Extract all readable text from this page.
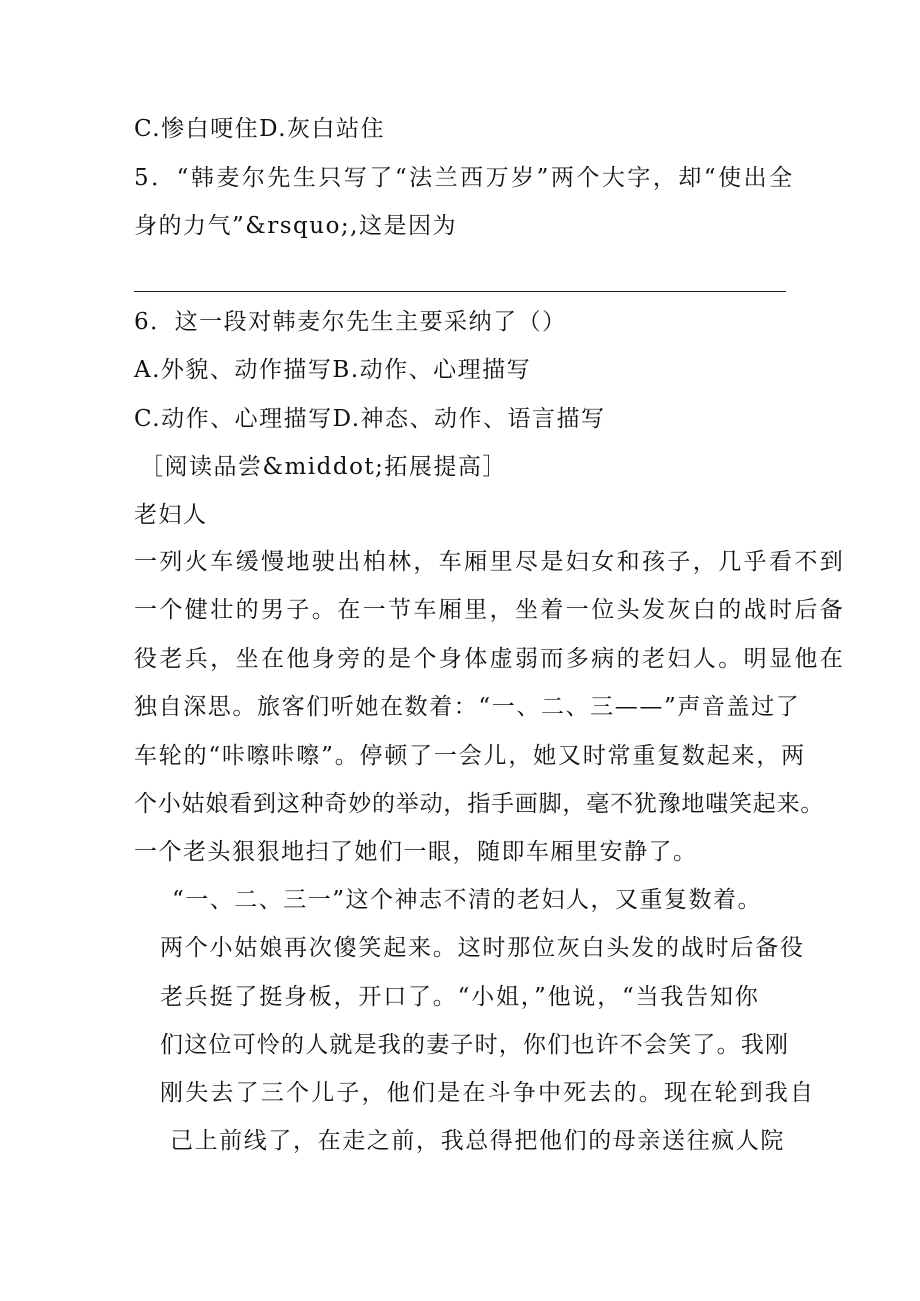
C.惨白哽住D.灰白站住
5．“韩麦尔先生只写了“法兰西万岁”两个大字，却“使出全
身的力气”&rsquo;,这是因为
6．这一段对韩麦尔先生主要采纳了（）
A.外貌、动作描写B.动作、心理描写
C.动作、心理描写D.神态、动作、语言描写
［阅读品尝&middot;拓展提高］
老妇人
一列火车缓慢地驶出柏林，车厢里尽是妇女和孩子，几乎看不到
一个健壮的男子。在一节车厢里，坐着一位头发灰白的战时后备
役老兵，坐在他身旁的是个身体虚弱而多病的老妇人。明显他在
独自深思。旅客们听她在数着：“一、二、三——”声音盖过了
车轮的“咔嚓咔嚓”。停顿了一会儿，她又时常重复数起来，两
个小姑娘看到这种奇妙的举动，指手画脚，毫不犹豫地嗤笑起来。
一个老头狠狠地扫了她们一眼，随即车厢里安静了。
“一、二、三一”这个神志不清的老妇人，又重复数着。
两个小姑娘再次傻笑起来。这时那位灰白头发的战时后备役
老兵挺了挺身板，开口了。“小姐，”他说，“当我告知你
们这位可怜的人就是我的妻子时，你们也许不会笑了。我刚
刚失去了三个儿子，他们是在斗争中死去的。现在轮到我自
己上前线了，在走之前，我总得把他们的母亲送往疯人院
